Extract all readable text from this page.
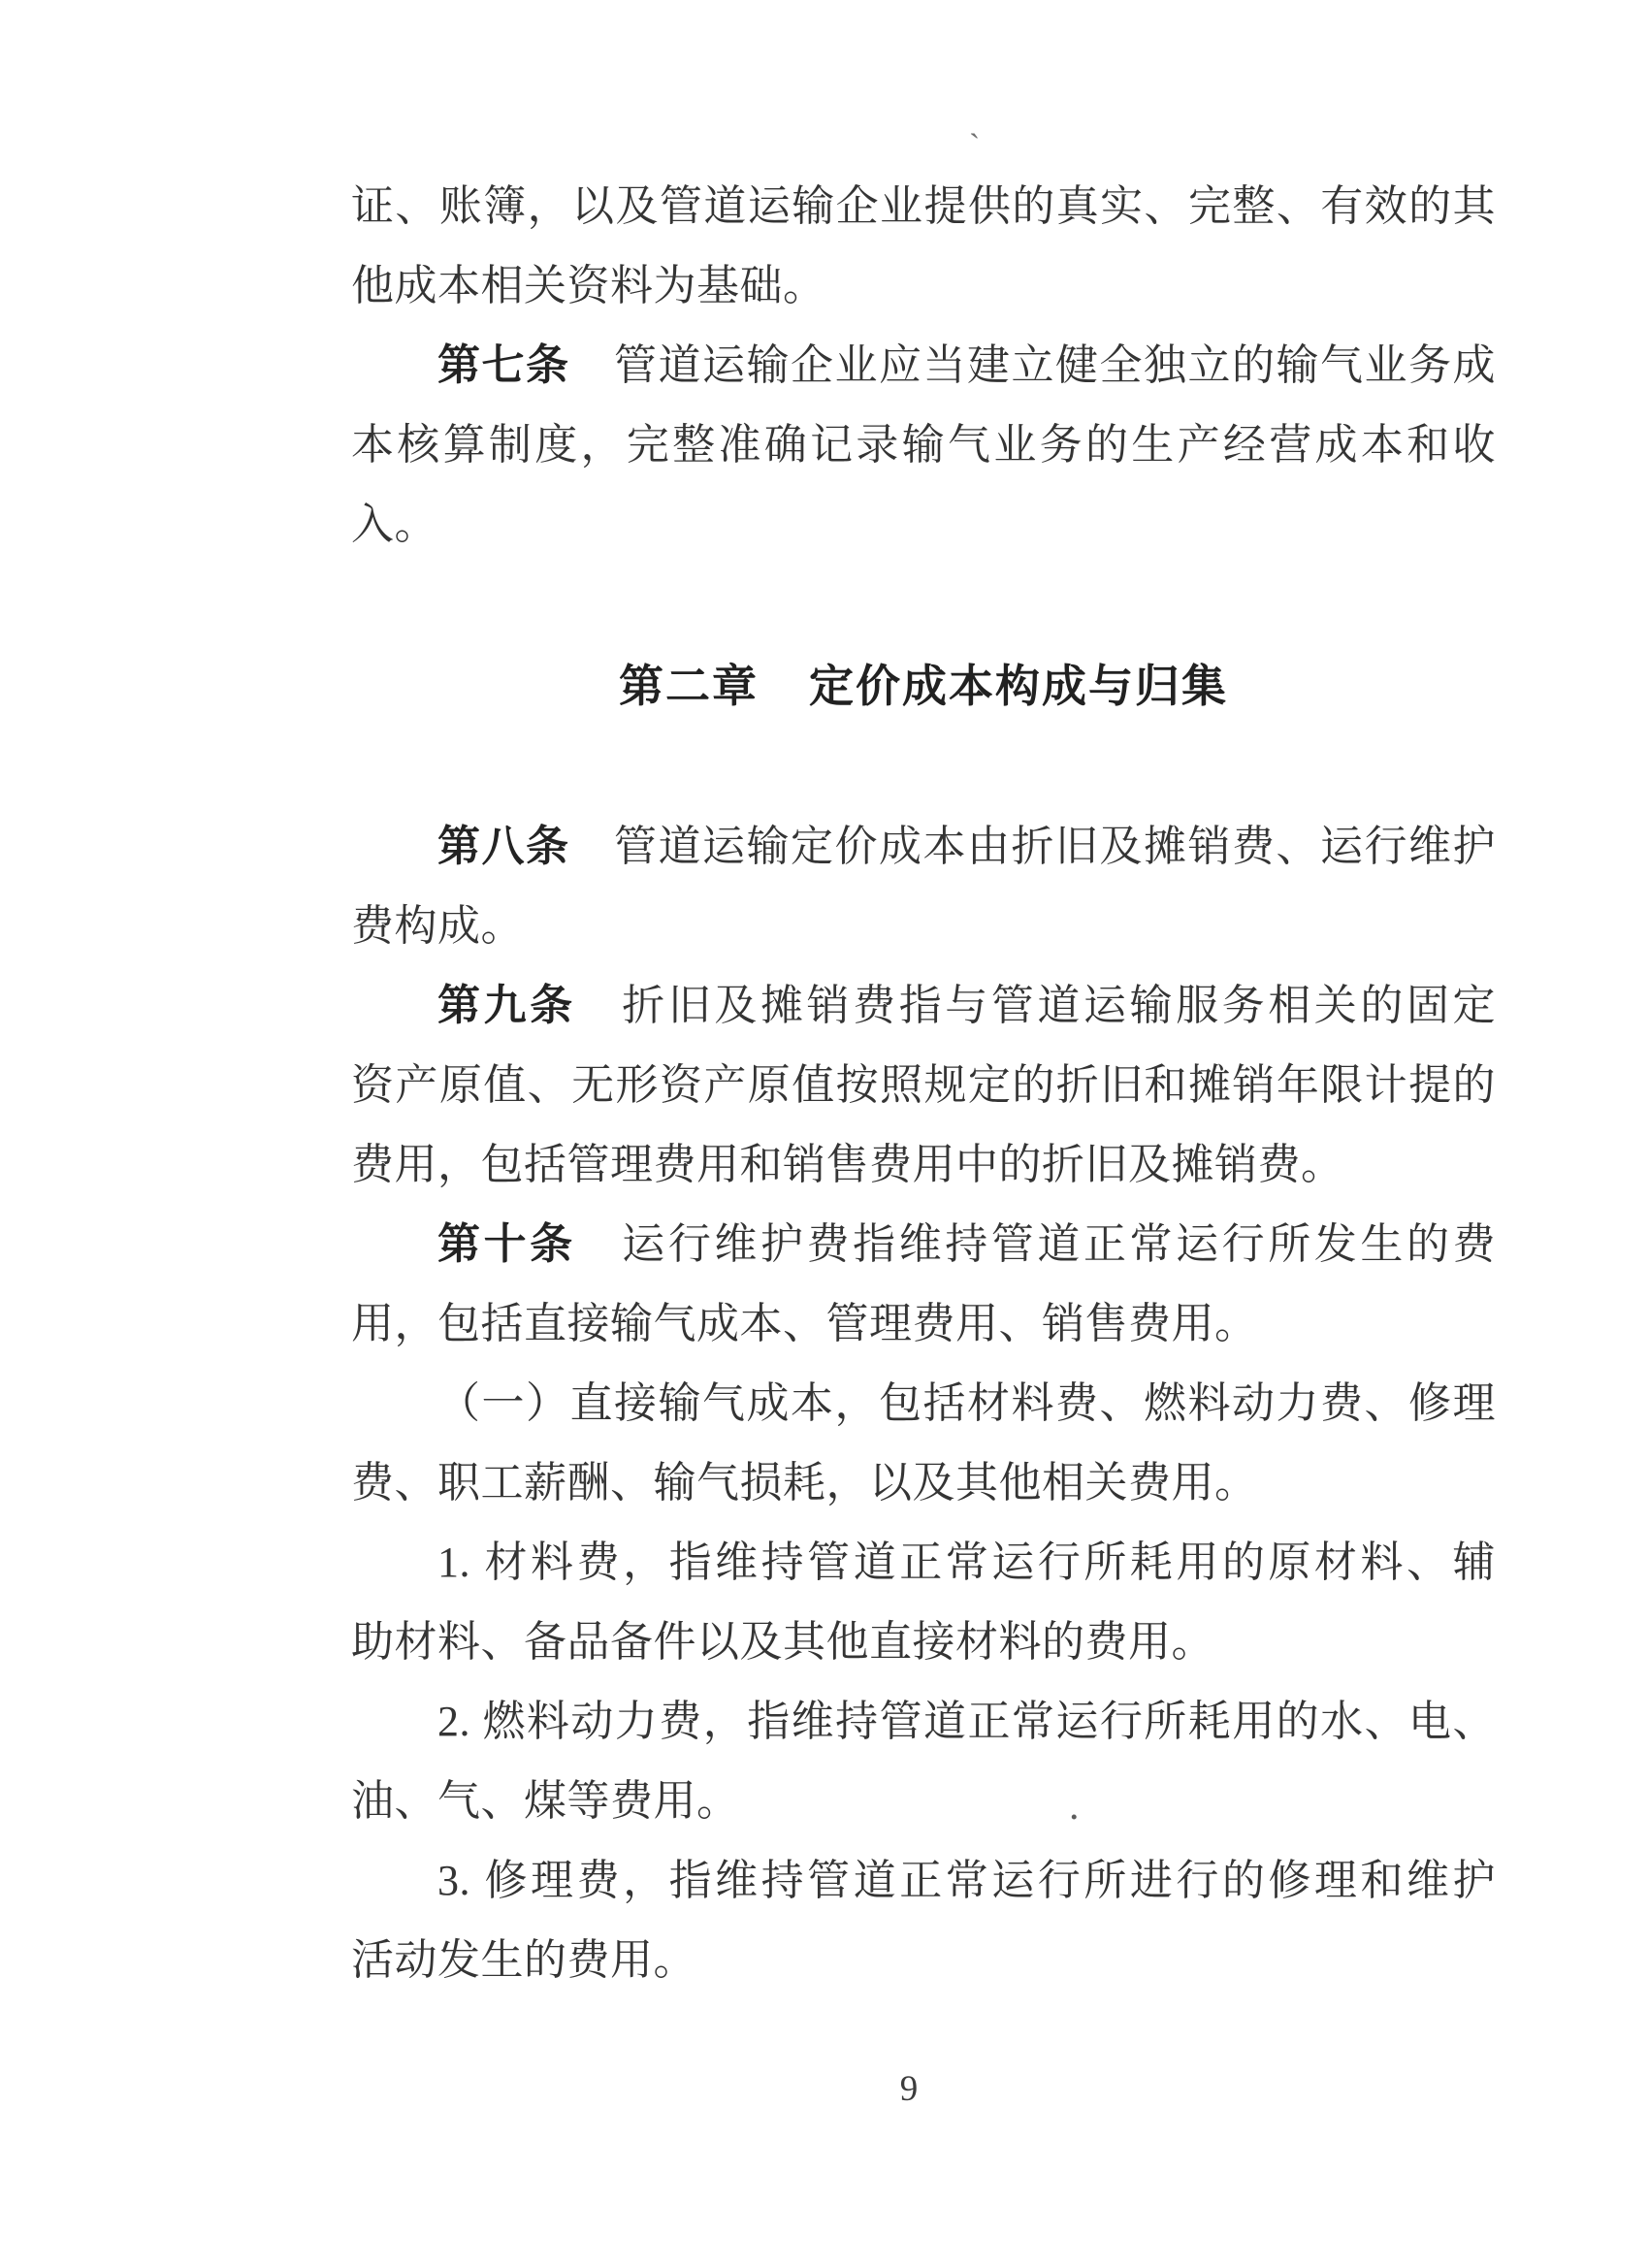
`
.
证、账簿，以及管道运输企业提供的真实、完整、有效的其
他成本相关资料为基础。
第七条　管道运输企业应当建立健全独立的输气业务成
本核算制度，完整准确记录输气业务的生产经营成本和收
入。
第二章 定价成本构成与归集
第八条　管道运输定价成本由折旧及摊销费、运行维护
费构成。
第九条　折旧及摊销费指与管道运输服务相关的固定
资产原值、无形资产原值按照规定的折旧和摊销年限计提的
费用，包括管理费用和销售费用中的折旧及摊销费。
第十条　运行维护费指维持管道正常运行所发生的费
用，包括直接输气成本、管理费用、销售费用。
（一）直接输气成本，包括材料费、燃料动力费、修理
费、职工薪酬、输气损耗，以及其他相关费用。
1. 材料费，指维持管道正常运行所耗用的原材料、辅
助材料、备品备件以及其他直接材料的费用。
2. 燃料动力费，指维持管道正常运行所耗用的水、电、
油、气、煤等费用。
3. 修理费，指维持管道正常运行所进行的修理和维护
活动发生的费用。
9
